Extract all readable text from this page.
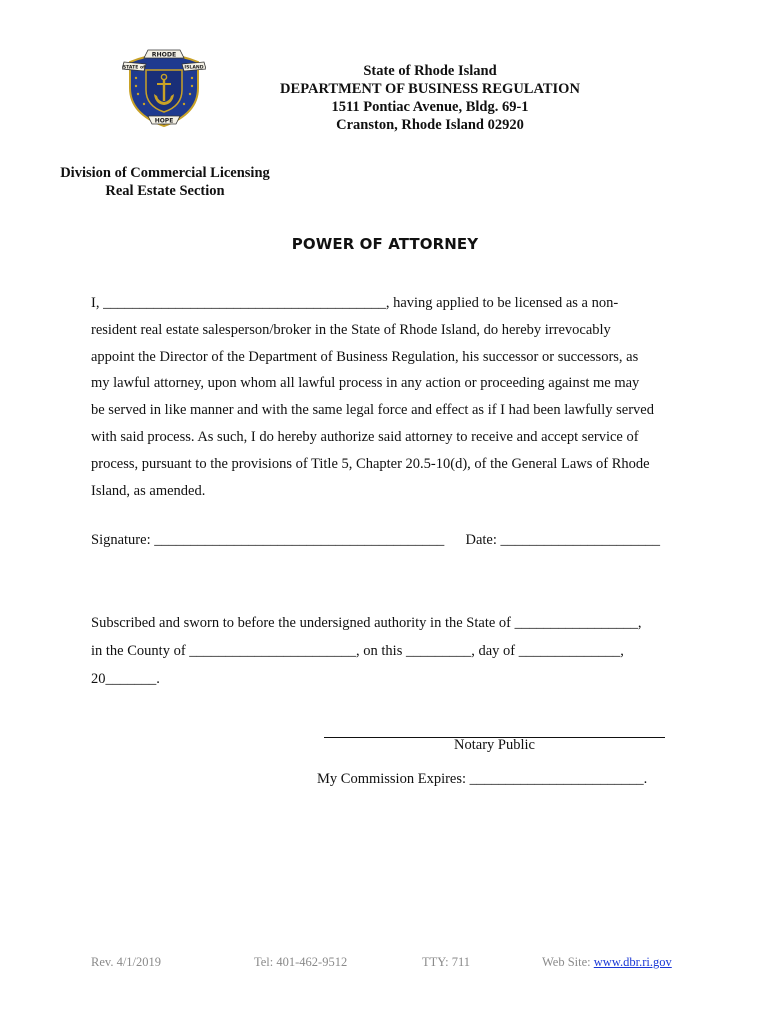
RHODE
STATE of	ISLAND
HOPE
State of Rhode Island
DEPARTMENT OF BUSINESS REGULATION
1511 Pontiac Avenue, Bldg. 69-1
Cranston, Rhode Island 02920
Division of Commercial Licensing
Real Estate Section
POWER OF ATTORNEY
I, _______________________________________, having applied to be licensed as a non-
resident real estate salesperson/broker in the State of Rhode Island, do hereby irrevocably
appoint the Director of the Department of Business Regulation, his successor or successors, as
my lawful attorney, upon whom all lawful process in any action or proceeding against me may
be served in like manner and with the same legal force and effect as if I had been lawfully served
with said process. As such, I do hereby authorize said attorney to receive and accept service of
process, pursuant to the provisions of Title 5, Chapter 20.5-10(d), of the General Laws of Rhode
Island, as amended.
Signature: ________________________________________ Date: ______________________
Subscribed and sworn to before the undersigned authority in the State of _________________,
in the County of _______________________, on this _________, day of ______________,
20_______.
Notary Public
My Commission Expires: ________________________.
Rev. 4/1/2019	Tel: 401-462-9512	TTY: 711	Web Site: www.dbr.ri.gov
